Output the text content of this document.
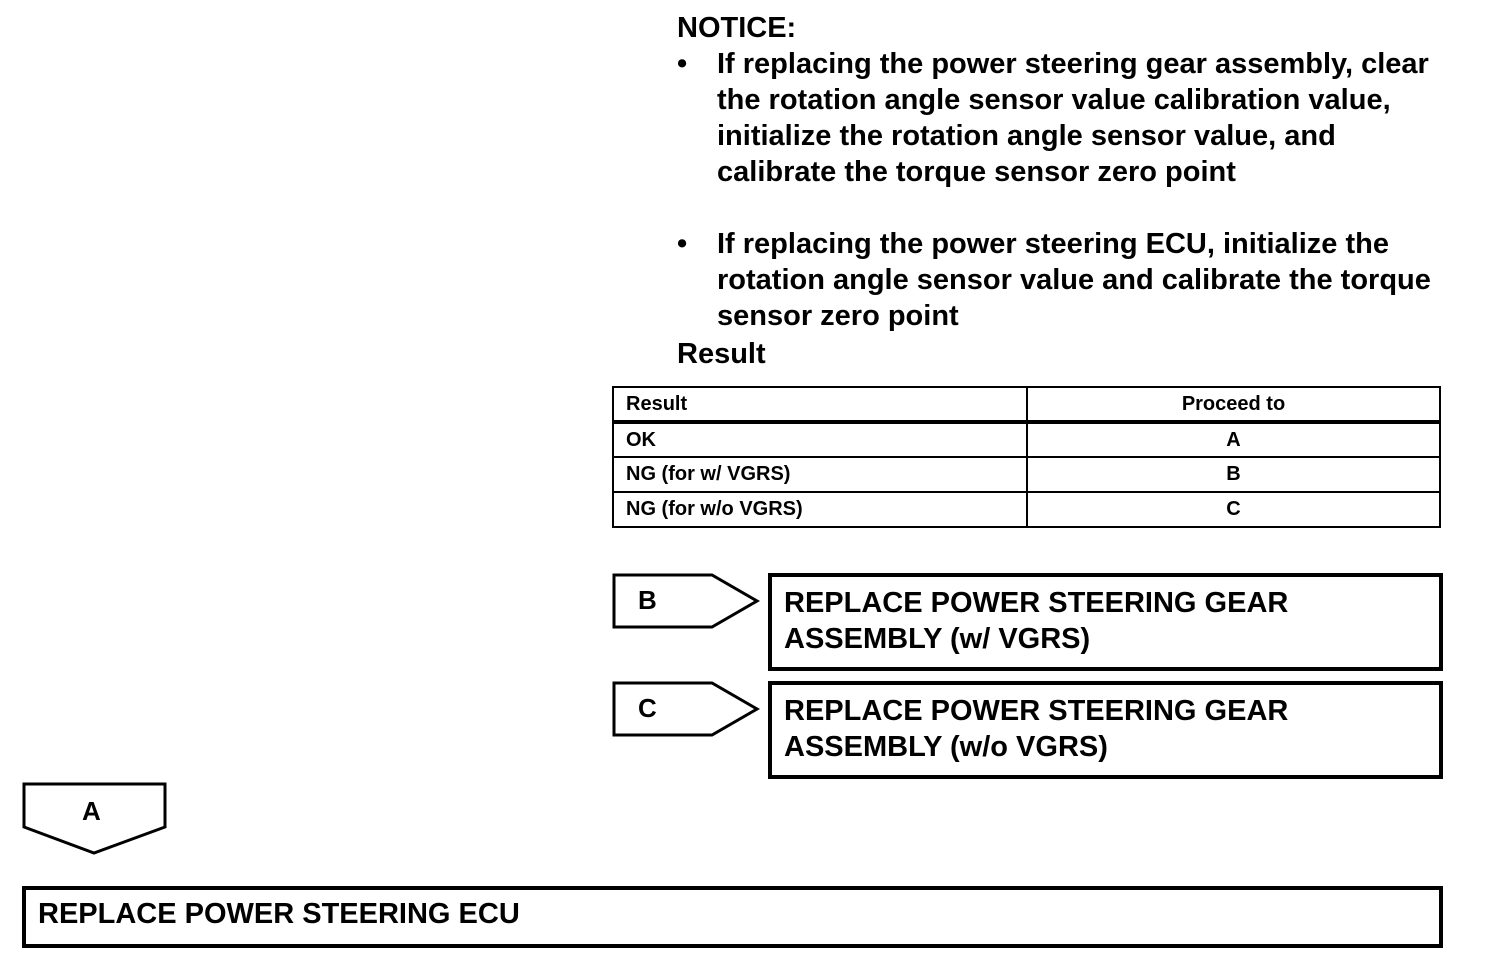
NOTICE:

•	If replacing the power steering gear assembly, clear the rotation angle sensor value calibration value, initialize the rotation angle sensor value, and calibrate the torque sensor zero point
•	If replacing the power steering ECU, initialize the rotation angle sensor value and calibrate the torque sensor zero point

Result

Result	Proceed to
OK	A
NG (for w/ VGRS)	B
NG (for w/o VGRS)	C
B	REPLACE POWER STEERING GEAR ASSEMBLY (w/ VGRS)
C	REPLACE POWER STEERING GEAR ASSEMBLY (w/o VGRS)
A
REPLACE POWER STEERING ECU
